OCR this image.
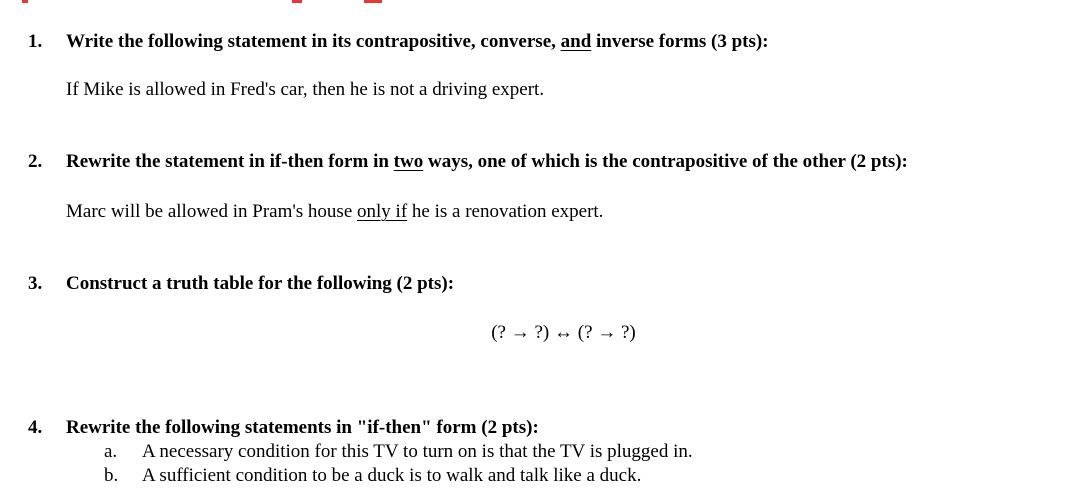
1. Write the following statement in its contrapositive, converse, and inverse forms (3 pts):
If Mike is allowed in Fred's car, then he is not a driving expert.
2. Rewrite the statement in if-then form in two ways, one of which is the contrapositive of the other (2 pts):
Marc will be allowed in Pram's house only if he is a renovation expert.
3. Construct a truth table for the following (2 pts):
(? → ?) ↔ (? → ?)
4. Rewrite the following statements in "if-then" form (2 pts):
a. A necessary condition for this TV to turn on is that the TV is plugged in.
b. A sufficient condition to be a duck is to walk and talk like a duck.
